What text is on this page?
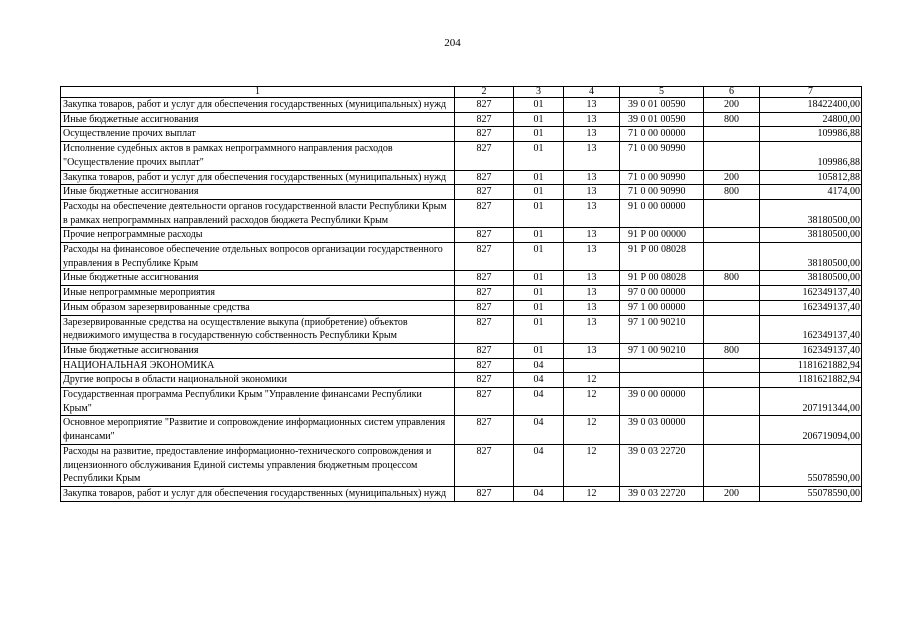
204
1	2	3	4	5	6	7
Закупка товаров, работ и услуг для обеспечения государственных (муниципальных) нужд	827	01	13	39 0 01 00590	200	18422400,00
Иные бюджетные ассигнования	827	01	13	39 0 01 00590	800	24800,00
Осуществление прочих выплат	827	01	13	71 0 00 00000		109986,88
Исполнение судебных актов в рамках непрограммного направления расходов "Осуществление прочих выплат"	827	01	13	71 0 00 90990		109986,88
Закупка товаров, работ и услуг для обеспечения государственных (муниципальных) нужд	827	01	13	71 0 00 90990	200	105812,88
Иные бюджетные ассигнования	827	01	13	71 0 00 90990	800	4174,00
Расходы на обеспечение деятельности органов государственной власти Республики Крым в рамках непрограммных направлений расходов бюджета Республики Крым	827	01	13	91 0 00 00000		38180500,00
Прочие непрограммные расходы	827	01	13	91 Р 00 00000		38180500,00
Расходы на финансовое обеспечение отдельных вопросов организации государственного управления в Республике Крым	827	01	13	91 Р 00 08028		38180500,00
Иные бюджетные ассигнования	827	01	13	91 Р 00 08028	800	38180500,00
Иные непрограммные мероприятия	827	01	13	97 0 00 00000		162349137,40
Иным образом зарезервированные средства	827	01	13	97 1 00 00000		162349137,40
Зарезервированные средства на осуществление выкупа (приобретение) объектов недвижимого имущества в государственную собственность Республики Крым	827	01	13	97 1 00 90210		162349137,40
Иные бюджетные ассигнования	827	01	13	97 1 00 90210	800	162349137,40
НАЦИОНАЛЬНАЯ ЭКОНОМИКА	827	04				1181621882,94
Другие вопросы в области национальной экономики	827	04	12			1181621882,94
Государственная программа Республики Крым "Управление финансами Республики Крым"	827	04	12	39 0 00 00000		207191344,00
Основное мероприятие "Развитие и сопровождение информационных систем управления финансами"	827	04	12	39 0 03 00000		206719094,00
Расходы на развитие, предоставление информационно-технического сопровождения и лицензионного обслуживания Единой системы управления бюджетным процессом Республики Крым	827	04	12	39 0 03 22720		55078590,00
Закупка товаров, работ и услуг для обеспечения государственных (муниципальных) нужд	827	04	12	39 0 03 22720	200	55078590,00
